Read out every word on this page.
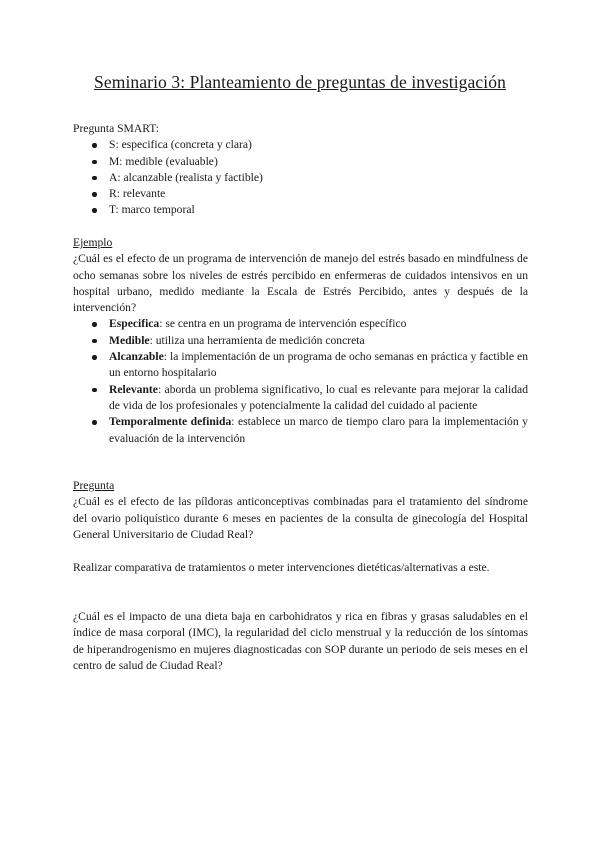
Seminario 3: Planteamiento de preguntas de investigación

Pregunta SMART:

S: especifica (concreta y clara)
M: medible (evaluable)
A: alcanzable (realista y factible)
R: relevante
T: marco temporal

Ejemplo

¿Cuál es el efecto de un programa de intervención de manejo del estrés basado en mindfulness de ocho semanas sobre los niveles de estrés percibido en enfermeras de cuidados intensivos en un hospital urbano, medido mediante la Escala de Estrés Percibido, antes y después de la intervención?

Especifica: se centra en un programa de intervención específico
Medible: utiliza una herramienta de medición concreta
Alcanzable: la implementación de un programa de ocho semanas en práctica y factible en un entorno hospitalario
Relevante: aborda un problema significativo, lo cual es relevante para mejorar la calidad de vida de los profesionales y potencialmente la calidad del cuidado al paciente
Temporalmente definida: establece un marco de tiempo claro para la implementación y evaluación de la intervención

Pregunta

¿Cuál es el efecto de las píldoras anticonceptivas combinadas para el tratamiento del síndrome del ovario poliquístico durante 6 meses en pacientes de la consulta de ginecología del Hospital General Universitario de Ciudad Real?

Realizar comparativa de tratamientos o meter intervenciones dietéticas/alternativas a este.

¿Cuál es el impacto de una dieta baja en carbohidratos y rica en fibras y grasas saludables en el índice de masa corporal (IMC), la regularidad del ciclo menstrual y la reducción de los síntomas de hiperandrogenismo en mujeres diagnosticadas con SOP durante un periodo de seis meses en el centro de salud de Ciudad Real?
